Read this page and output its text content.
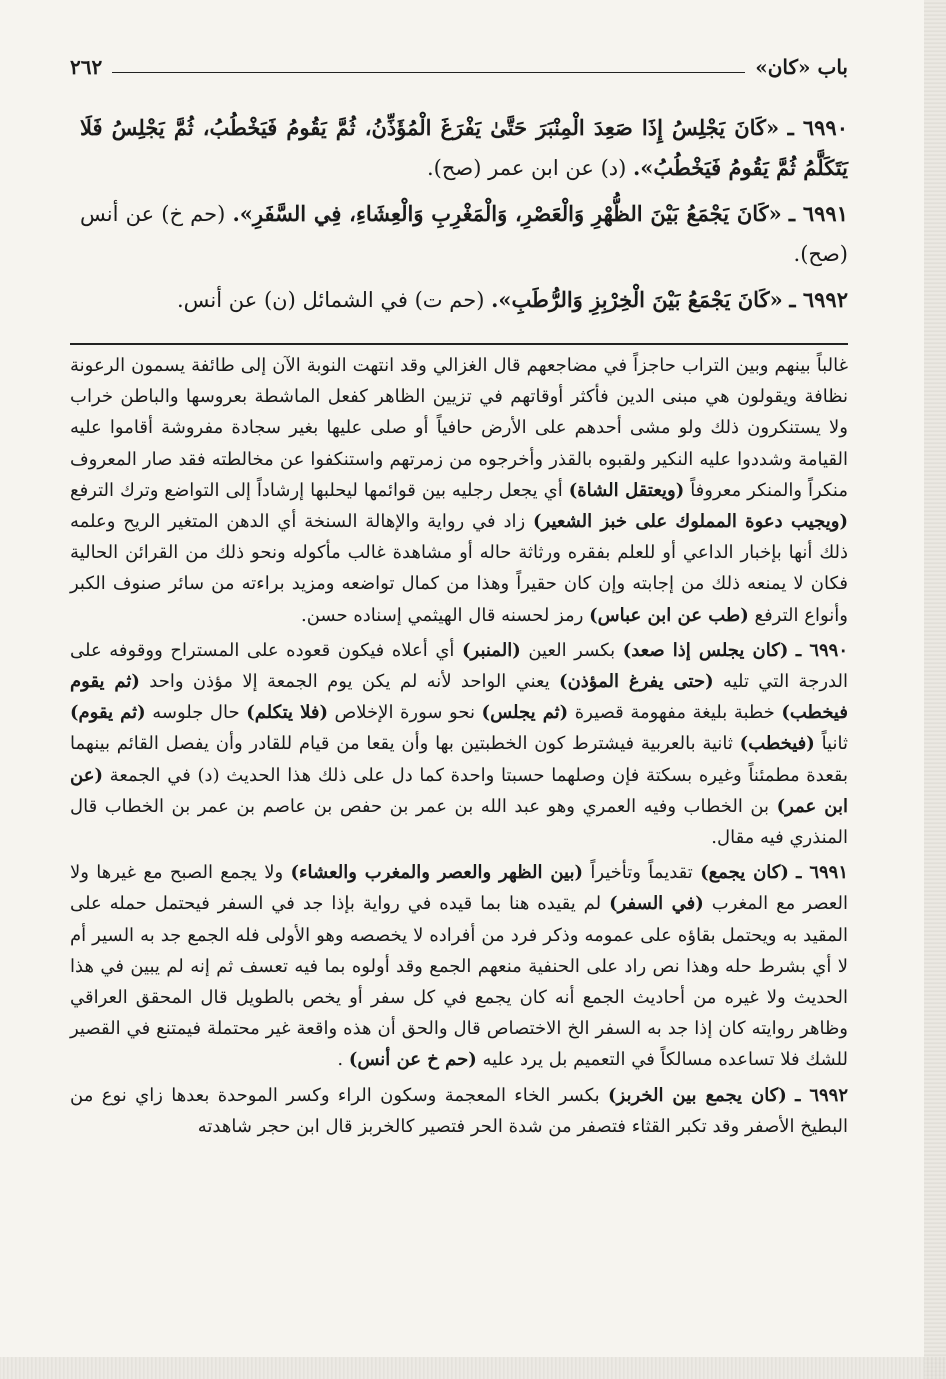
باب «كان»
٢٦٢

٦٩٩٠ ـ «كَانَ يَجْلِسُ إِذَا صَعِدَ الْمِنْبَرَ حَتَّىٰ يَفْرَغَ الْمُؤَذِّنُ، ثُمَّ يَقُومُ فَيَخْطُبُ، ثُمَّ يَجْلِسُ فَلَا يَتَكَلَّمُ ثُمَّ يَقُومُ فَيَخْطُبُ». (د) عن ابن عمر (صح).

٦٩٩١ ـ «كَانَ يَجْمَعُ بَيْنَ الظُّهْرِ وَالْعَصْرِ، وَالْمَغْرِبِ وَالْعِشَاءِ، فِي السَّفَرِ». (حم خ) عن أنس (صح).

٦٩٩٢ ـ «كَانَ يَجْمَعُ بَيْنَ الْخِرْبِزِ وَالرُّطَبِ». (حم ت) في الشمائل (ن) عن أنس.

غالباً بينهم وبين التراب حاجزاً في مضاجعهم قال الغزالي وقد انتهت النوبة الآن إلى طائفة يسمون الرعونة نظافة ويقولون هي مبنى الدين فأكثر أوقاتهم في تزيين الظاهر كفعل الماشطة بعروسها والباطن خراب ولا يستنكرون ذلك ولو مشى أحدهم على الأرض حافياً أو صلى عليها بغير سجادة مفروشة أقاموا عليه القيامة وشددوا عليه النكير ولقبوه بالقذر وأخرجوه من زمرتهم واستنكفوا عن مخالطته فقد صار المعروف منكراً والمنكر معروفاً (ويعتقل الشاة) أي يجعل رجليه بين قوائمها ليحلبها إرشاداً إلى التواضع وترك الترفع (ويجيب دعوة المملوك على خبز الشعير) زاد في رواية والإهالة السنخة أي الدهن المتغير الريح وعلمه ذلك أنها بإخبار الداعي أو للعلم بفقره ورثاثة حاله أو مشاهدة غالب مأكوله ونحو ذلك من القرائن الحالية فكان لا يمنعه ذلك من إجابته وإن كان حقيراً وهذا من كمال تواضعه ومزيد براءته من سائر صنوف الكبر وأنواع الترفع (طب عن ابن عباس) رمز لحسنه قال الهيثمي إسناده حسن.

٦٩٩٠ ـ (كان يجلس إذا صعد) بكسر العين (المنبر) أي أعلاه فيكون قعوده على المستراح ووقوفه على الدرجة التي تليه (حتى يفرغ المؤذن) يعني الواحد لأنه لم يكن يوم الجمعة إلا مؤذن واحد (ثم يقوم فيخطب) خطبة بليغة مفهومة قصيرة (ثم يجلس) نحو سورة الإخلاص (فلا يتكلم) حال جلوسه (ثم يقوم) ثانياً (فيخطب) ثانية بالعربية فيشترط كون الخطبتين بها وأن يقعا من قيام للقادر وأن يفصل القائم بينهما بقعدة مطمئناً وغيره بسكتة فإن وصلهما حسبتا واحدة كما دل على ذلك هذا الحديث (د) في الجمعة (عن ابن عمر) بن الخطاب وفيه العمري وهو عبد الله بن عمر بن حفص بن عاصم بن عمر بن الخطاب قال المنذري فيه مقال.

٦٩٩١ ـ (كان يجمع) تقديماً وتأخيراً (بين الظهر والعصر والمغرب والعشاء) ولا يجمع الصبح مع غيرها ولا العصر مع المغرب (في السفر) لم يقيده هنا بما قيده في رواية بإذا جد في السفر فيحتمل حمله على المقيد به ويحتمل بقاؤه على عمومه وذكر فرد من أفراده لا يخصصه وهو الأولى فله الجمع جد به السير أم لا أي بشرط حله وهذا نص راد على الحنفية منعهم الجمع وقد أولوه بما فيه تعسف ثم إنه لم يبين في هذا الحديث ولا غيره من أحاديث الجمع أنه كان يجمع في كل سفر أو يخص بالطويل قال المحقق العراقي وظاهر روايته كان إذا جد به السفر الخ الاختصاص قال والحق أن هذه واقعة غير محتملة فيمتنع في القصير للشك فلا تساعده مسالكاً في التعميم بل يرد عليه (حم خ عن أنس) .

٦٩٩٢ ـ (كان يجمع بين الخربز) بكسر الخاء المعجمة وسكون الراء وكسر الموحدة بعدها زاي نوع من البطيخ الأصفر وقد تكبر القثاء فتصفر من شدة الحر فتصير كالخربز قال ابن حجر شاهدته
